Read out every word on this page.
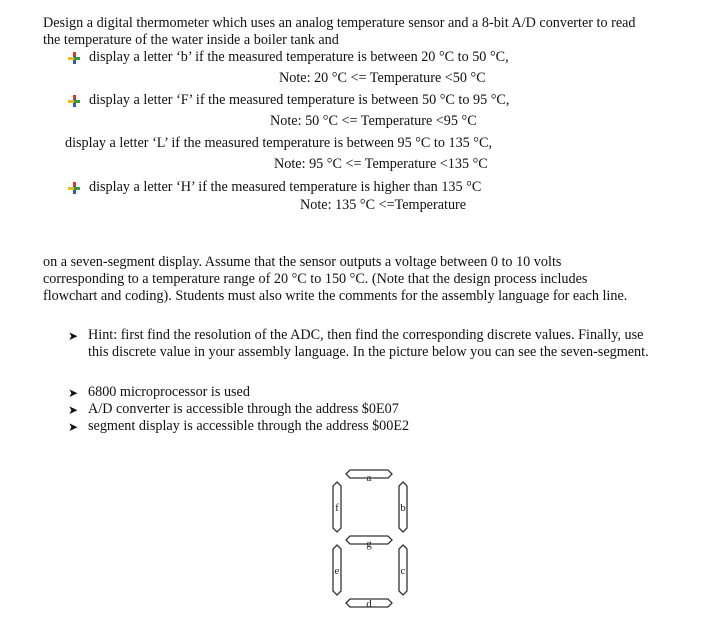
Design a digital thermometer which uses an analog temperature sensor and a 8-bit A/D converter to read
the temperature of the water inside a boiler tank and
display a letter ‘b’ if the measured temperature is between 20 °C to 50 °C,
Note: 20 °C <= Temperature <50 °C
display a letter ‘F’ if the measured temperature is between 50 °C to 95 °C,
Note: 50 °C <= Temperature <95 °C
display a letter ‘L’ if the measured temperature is between 95 °C to 135 °C,
Note: 95 °C <= Temperature <135 °C
display a letter ‘H’ if the measured temperature is higher than 135 °C
Note: 135 °C <=Temperature
on a seven-segment display. Assume that the sensor outputs a voltage between 0 to 10 volts
corresponding to a temperature range of 20 °C to 150 °C. (Note that the design process includes
flowchart and coding). Students must also write the comments for the assembly language for each line.
➤ Hint: first find the resolution of the ADC, then find the corresponding discrete values. Finally, use
this discrete value in your assembly language. In the picture below you can see the seven-segment.
➤ 6800 microprocessor is used
➤ A/D converter is accessible through the address $0E07
➤ segment display is accessible through the address $00E2
a
b
f
g
e	c
d
